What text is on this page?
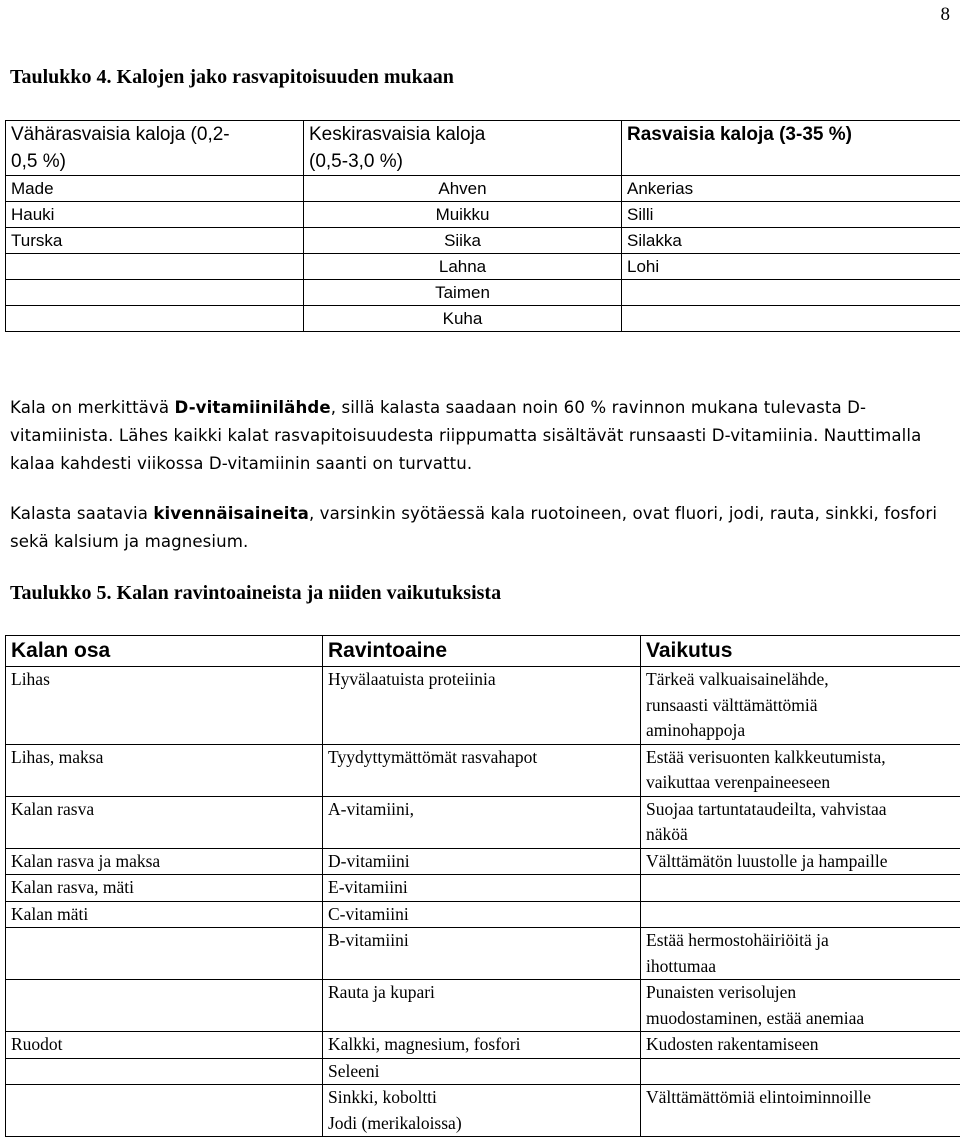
8
Taulukko 4. Kalojen jako rasvapitoisuuden mukaan
Vähärasvaisia kaloja (0,2-
0,5 %)	Keskirasvaisia kaloja
(0,5-3,0 %)	Rasvaisia kaloja (3-35 %)

Made	Ahven	Ankerias

Hauki	Muikku	Silli

Turska	Siika	Silakka

	Lahna	Lohi

	Taimen	

	Kuha	

Kala on merkittävä D-vitamiinilähde, sillä kalasta saadaan noin 60 % ravinnon mukana tulevasta D-vitamiinista. Lähes kaikki kalat rasvapitoisuudesta riippumatta sisältävät runsaasti D-vitamiinia. Nauttimalla kalaa kahdesti viikossa D-vitamiinin saanti on turvattu.
Kalasta saatavia kivennäisaineita, varsinkin syötäessä kala ruotoineen, ovat fluori, jodi, rauta, sinkki, fosfori sekä kalsium ja magnesium.
Taulukko 5. Kalan ravintoaineista ja niiden vaikutuksista
Kalan osa	Ravintoaine	Vaikutus

Lihas	Hyvälaatuista proteiinia	Tärkeä valkuaisainelähde,
runsaasti välttämättömiä
aminohappoja

Lihas, maksa	Tyydyttymättömät rasvahapot	Estää verisuonten kalkkeutumista,
vaikuttaa verenpaineeseen

Kalan rasva	A-vitamiini,	Suojaa tartuntataudeilta, vahvistaa
näköä

Kalan rasva ja maksa	D-vitamiini	Välttämätön luustolle ja hampaille

Kalan rasva, mäti	E-vitamiini	

Kalan mäti	C-vitamiini	

	B-vitamiini	Estää hermostohäiriöitä ja
ihottumaa

	Rauta ja kupari	Punaisten verisolujen
muodostaminen, estää anemiaa

Ruodot	Kalkki, magnesium, fosfori	Kudosten rakentamiseen

	Seleeni	

	Sinkki, koboltti
Jodi (merikaloissa)	Välttämättömiä elintoiminnoille
